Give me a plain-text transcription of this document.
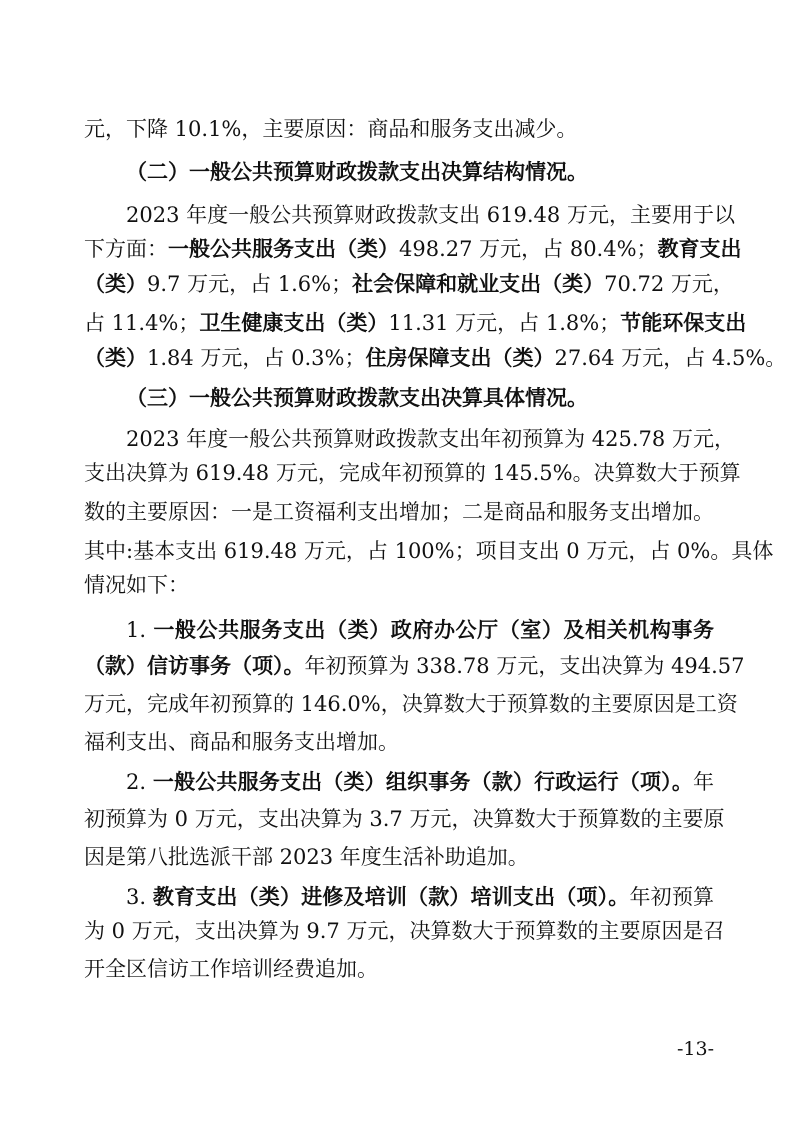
元，下降 10.1%，主要原因：商品和服务支出减少。
（二）一般公共预算财政拨款支出决算结构情况。
2023 年度一般公共预算财政拨款支出 619.48 万元，主要用于以
下方面：一般公共服务支出（类）498.27 万元，占 80.4%；教育支出
（类）9.7 万元，占 1.6%；社会保障和就业支出（类）70.72 万元，
占 11.4%；卫生健康支出（类）11.31 万元，占 1.8%；节能环保支出
（类）1.84 万元，占 0.3%；住房保障支出（类）27.64 万元，占 4.5%。
（三）一般公共预算财政拨款支出决算具体情况。
2023 年度一般公共预算财政拨款支出年初预算为 425.78 万元，
支出决算为 619.48 万元，完成年初预算的 145.5%。决算数大于预算
数的主要原因：一是工资福利支出增加；二是商品和服务支出增加。
其中:基本支出 619.48 万元，占 100%；项目支出 0 万元，占 0%。具体
情况如下：
1. 一般公共服务支出（类）政府办公厅（室）及相关机构事务
（款）信访事务（项）。年初预算为 338.78 万元，支出决算为 494.57
万元，完成年初预算的 146.0%，决算数大于预算数的主要原因是工资
福利支出、商品和服务支出增加。
2. 一般公共服务支出（类）组织事务（款）行政运行（项）。年
初预算为 0 万元，支出决算为 3.7 万元，决算数大于预算数的主要原
因是第八批选派干部 2023 年度生活补助追加。
3. 教育支出（类）进修及培训（款）培训支出（项）。年初预算
为 0 万元，支出决算为 9.7 万元，决算数大于预算数的主要原因是召
开全区信访工作培训经费追加。
-13-
